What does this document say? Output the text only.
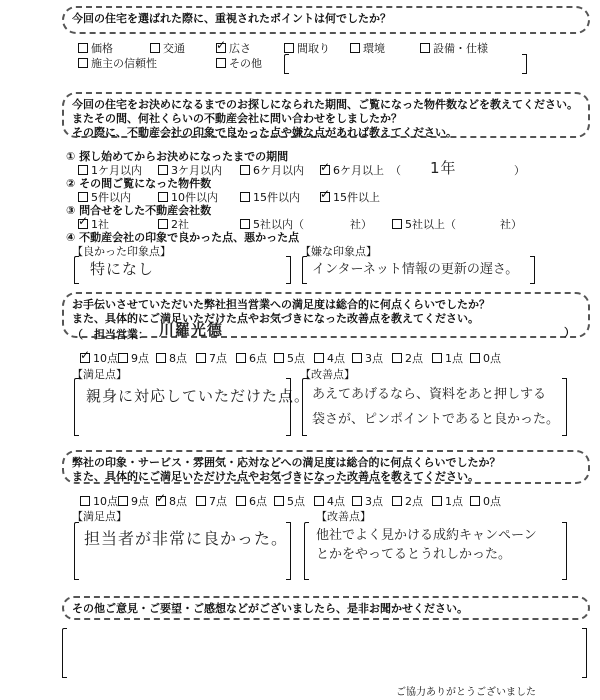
今回の住宅を選ばれた際に、重視されたポイントは何でしたか？
価格	交通 ✓	広さ	間取り	環境	設備・仕様
施主の信頼性	その他
今回の住宅をお決めになるまでのお探しになられた期間、ご覧になった物件数などを教えてください。
またその間、何社くらいの不動産会社に問い合わせをしましたか？
その際に、不動産会社の印象で良かった点や嫌な点があれば教えてください。
① 探し始めてからお決めになったまでの期間
1ケ月以内	3ケ月以内	6ケ月以内 ✓	6ケ月以上 （ 1年	）
② その間ご覧になった物件数
5件以内	10件以内	15件以内 ✓	15件以上
③ 問合せをした不動産会社数
✓1社	2社	5社以内（	社）	5社以上（	社）
④ 不動産会社の印象で良かった点、悪かった点
【良かった印象点】	【嫌な印象点】
特になし	インターネット情報の更新の遅さ。
お手伝いさせていただいた弊社担当営業への満足度は総合的に何点くらいでしたか？
また、具体的にご満足いただけた点やお気づきになった改善点を教えてください。
（　担当営業： 川羅光德	）
✓10点	9点	8点	7点	6点	5点	4点	3点	2点	1点	0点
【満足点】	【改善点】
親身に対応していただけた点。 あえてあげるなら、資料をあと押しする
袋さが、ピンポイントであると良かった。
弊社の印象・サービス・雰囲気・応対などへの満足度は総合的に何点くらいでしたか？
また、具体的にご満足いただけた点やお気づきになった改善点を教えてください。
10点	9点 ✓	8点	7点	6点	5点	4点	3点	2点	1点	0点
【満足点】	【改善点】
担当者が非常に良かった。 他社でよく見かける成約キャンペーン
とかをやってるとうれしかった。
その他ご意見・ご要望・ご感想などがございましたら、是非お聞かせください。
ご協力ありがとうございました
